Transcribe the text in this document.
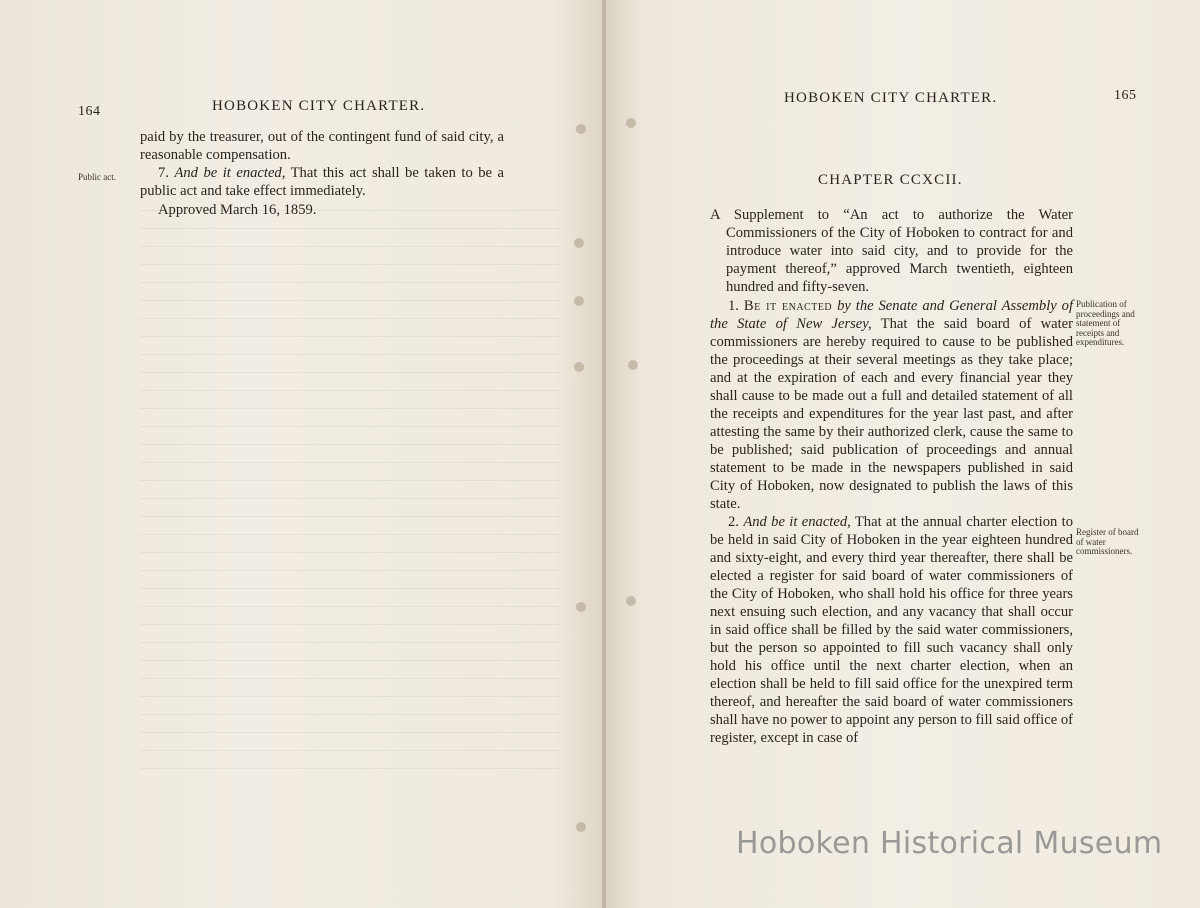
164	HOBOKEN CITY CHARTER.

paid by the treasurer, out of the contingent fund of said city, a reasonable compensation.

7. And be it enacted, That this act shall be taken to be a public act and take effect immediately.

Approved March 16, 1859.

Public act.
HOBOKEN CITY CHARTER.	165
CHAPTER CCXCII.

A Supplement to “An act to authorize the Water Commissioners of the City of Hoboken to contract for and introduce water into said city, and to provide for the payment thereof,” approved March twentieth, eighteen hundred and fifty-seven.

1. Be it enacted by the Senate and General Assembly of the State of New Jersey, That the said board of water commissioners are hereby required to cause to be published the proceedings at their several meetings as they take place; and at the expiration of each and every financial year they shall cause to be made out a full and detailed statement of all the receipts and expenditures for the year last past, and after attesting the same by their authorized clerk, cause the same to be published; said publication of proceedings and annual statement to be made in the newspapers published in said City of Hoboken, now designated to publish the laws of this state.

2. And be it enacted, That at the annual charter election to be held in said City of Hoboken in the year eighteen hundred and sixty-eight, and every third year thereafter, there shall be elected a register for said board of water commissioners of the City of Hoboken, who shall hold his office for three years next ensuing such election, and any vacancy that shall occur in said office shall be filled by the said water commissioners, but the person so appointed to fill such vacancy shall only hold his office until the next charter election, when an election shall be held to fill said office for the unexpired term thereof, and hereafter the said board of water commissioners shall have no power to appoint any person to fill said office of register, except in case of

Publication of proceedings and statement of receipts and expenditures.
Register of board of water commissioners.
Hoboken Historical Museum
